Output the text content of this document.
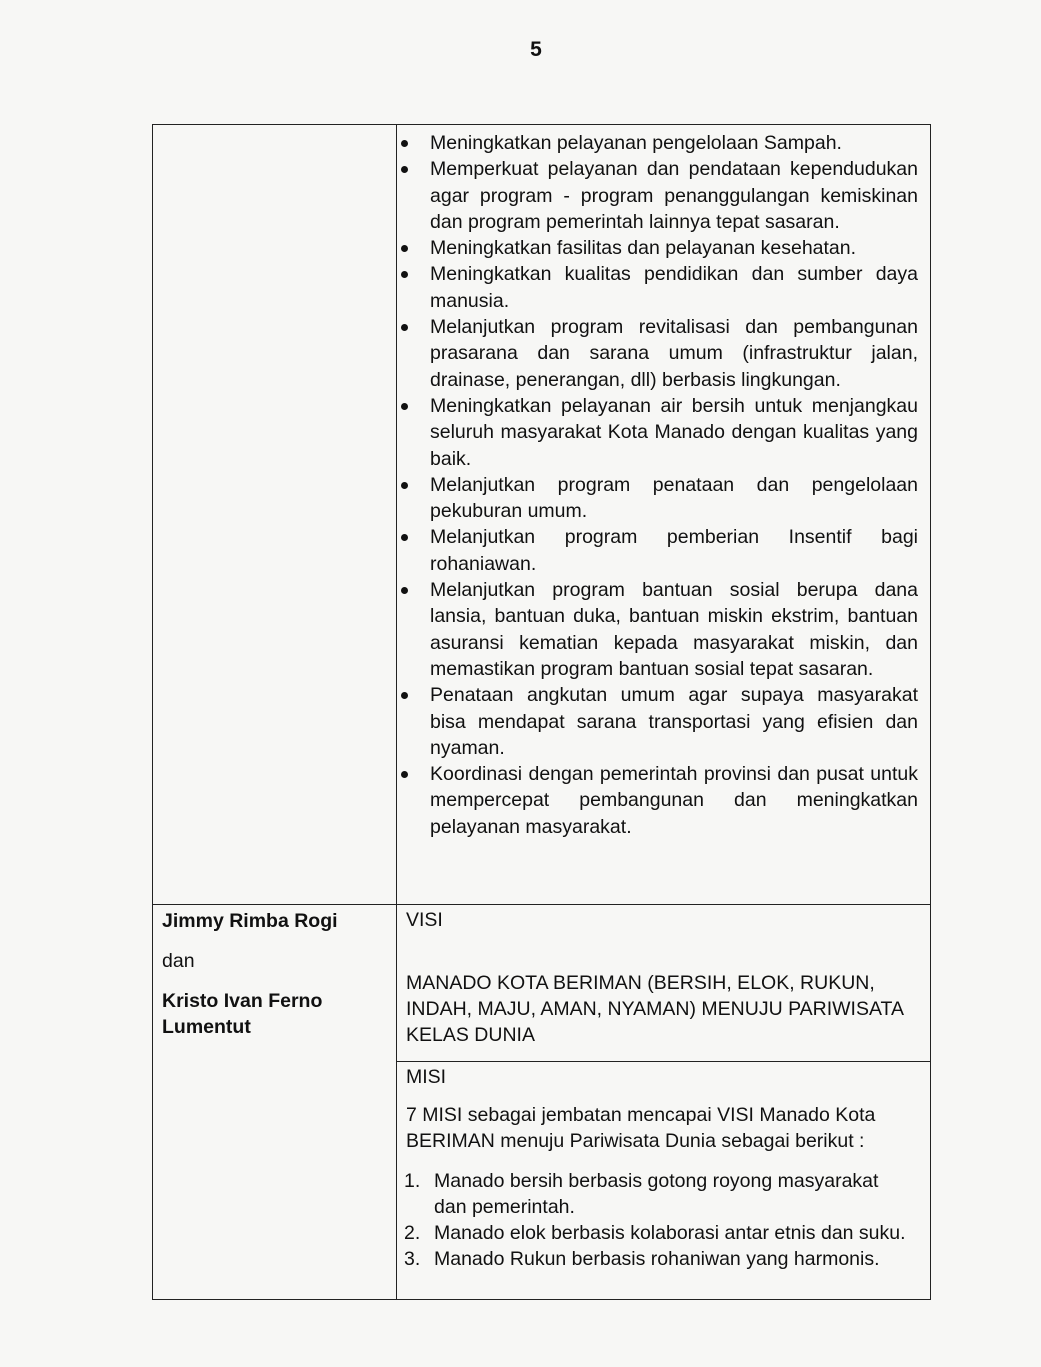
5
Meningkatkan pelayanan pengelolaan Sampah.
Memperkuat pelayanan dan pendataan kependudukan agar program - program penanggulangan kemiskinan dan program pemerintah lainnya tepat sasaran.
Meningkatkan fasilitas dan pelayanan kesehatan.
Meningkatkan kualitas pendidikan dan sumber daya manusia.
Melanjutkan program revitalisasi dan pembangunan prasarana dan sarana umum (infrastruktur jalan, drainase, penerangan, dll) berbasis lingkungan.
Meningkatkan pelayanan air bersih untuk menjangkau seluruh masyarakat Kota Manado dengan kualitas yang baik.
Melanjutkan program penataan dan pengelolaan pekuburan umum.
Melanjutkan program pemberian Insentif bagi rohaniawan.
Melanjutkan program bantuan sosial berupa dana lansia, bantuan duka, bantuan miskin ekstrim, bantuan asuransi kematian kepada masyarakat miskin, dan memastikan program bantuan sosial tepat sasaran.
Penataan angkutan umum agar supaya masyarakat bisa mendapat sarana transportasi yang efisien dan nyaman.
Koordinasi dengan pemerintah provinsi dan pusat untuk mempercepat pembangunan dan meningkatkan pelayanan masyarakat.
Jimmy Rimba Rogi
dan
Kristo Ivan Ferno Lumentut
VISI
MANADO KOTA BERIMAN (BERSIH, ELOK, RUKUN, INDAH, MAJU, AMAN, NYAMAN) MENUJU PARIWISATA KELAS DUNIA
MISI
7 MISI sebagai jembatan mencapai VISI Manado Kota BERIMAN menuju Pariwisata Dunia sebagai berikut :
1. Manado bersih berbasis gotong royong masyarakat dan pemerintah.
2. Manado elok berbasis kolaborasi antar etnis dan suku.
3. Manado Rukun berbasis rohaniwan yang harmonis.
